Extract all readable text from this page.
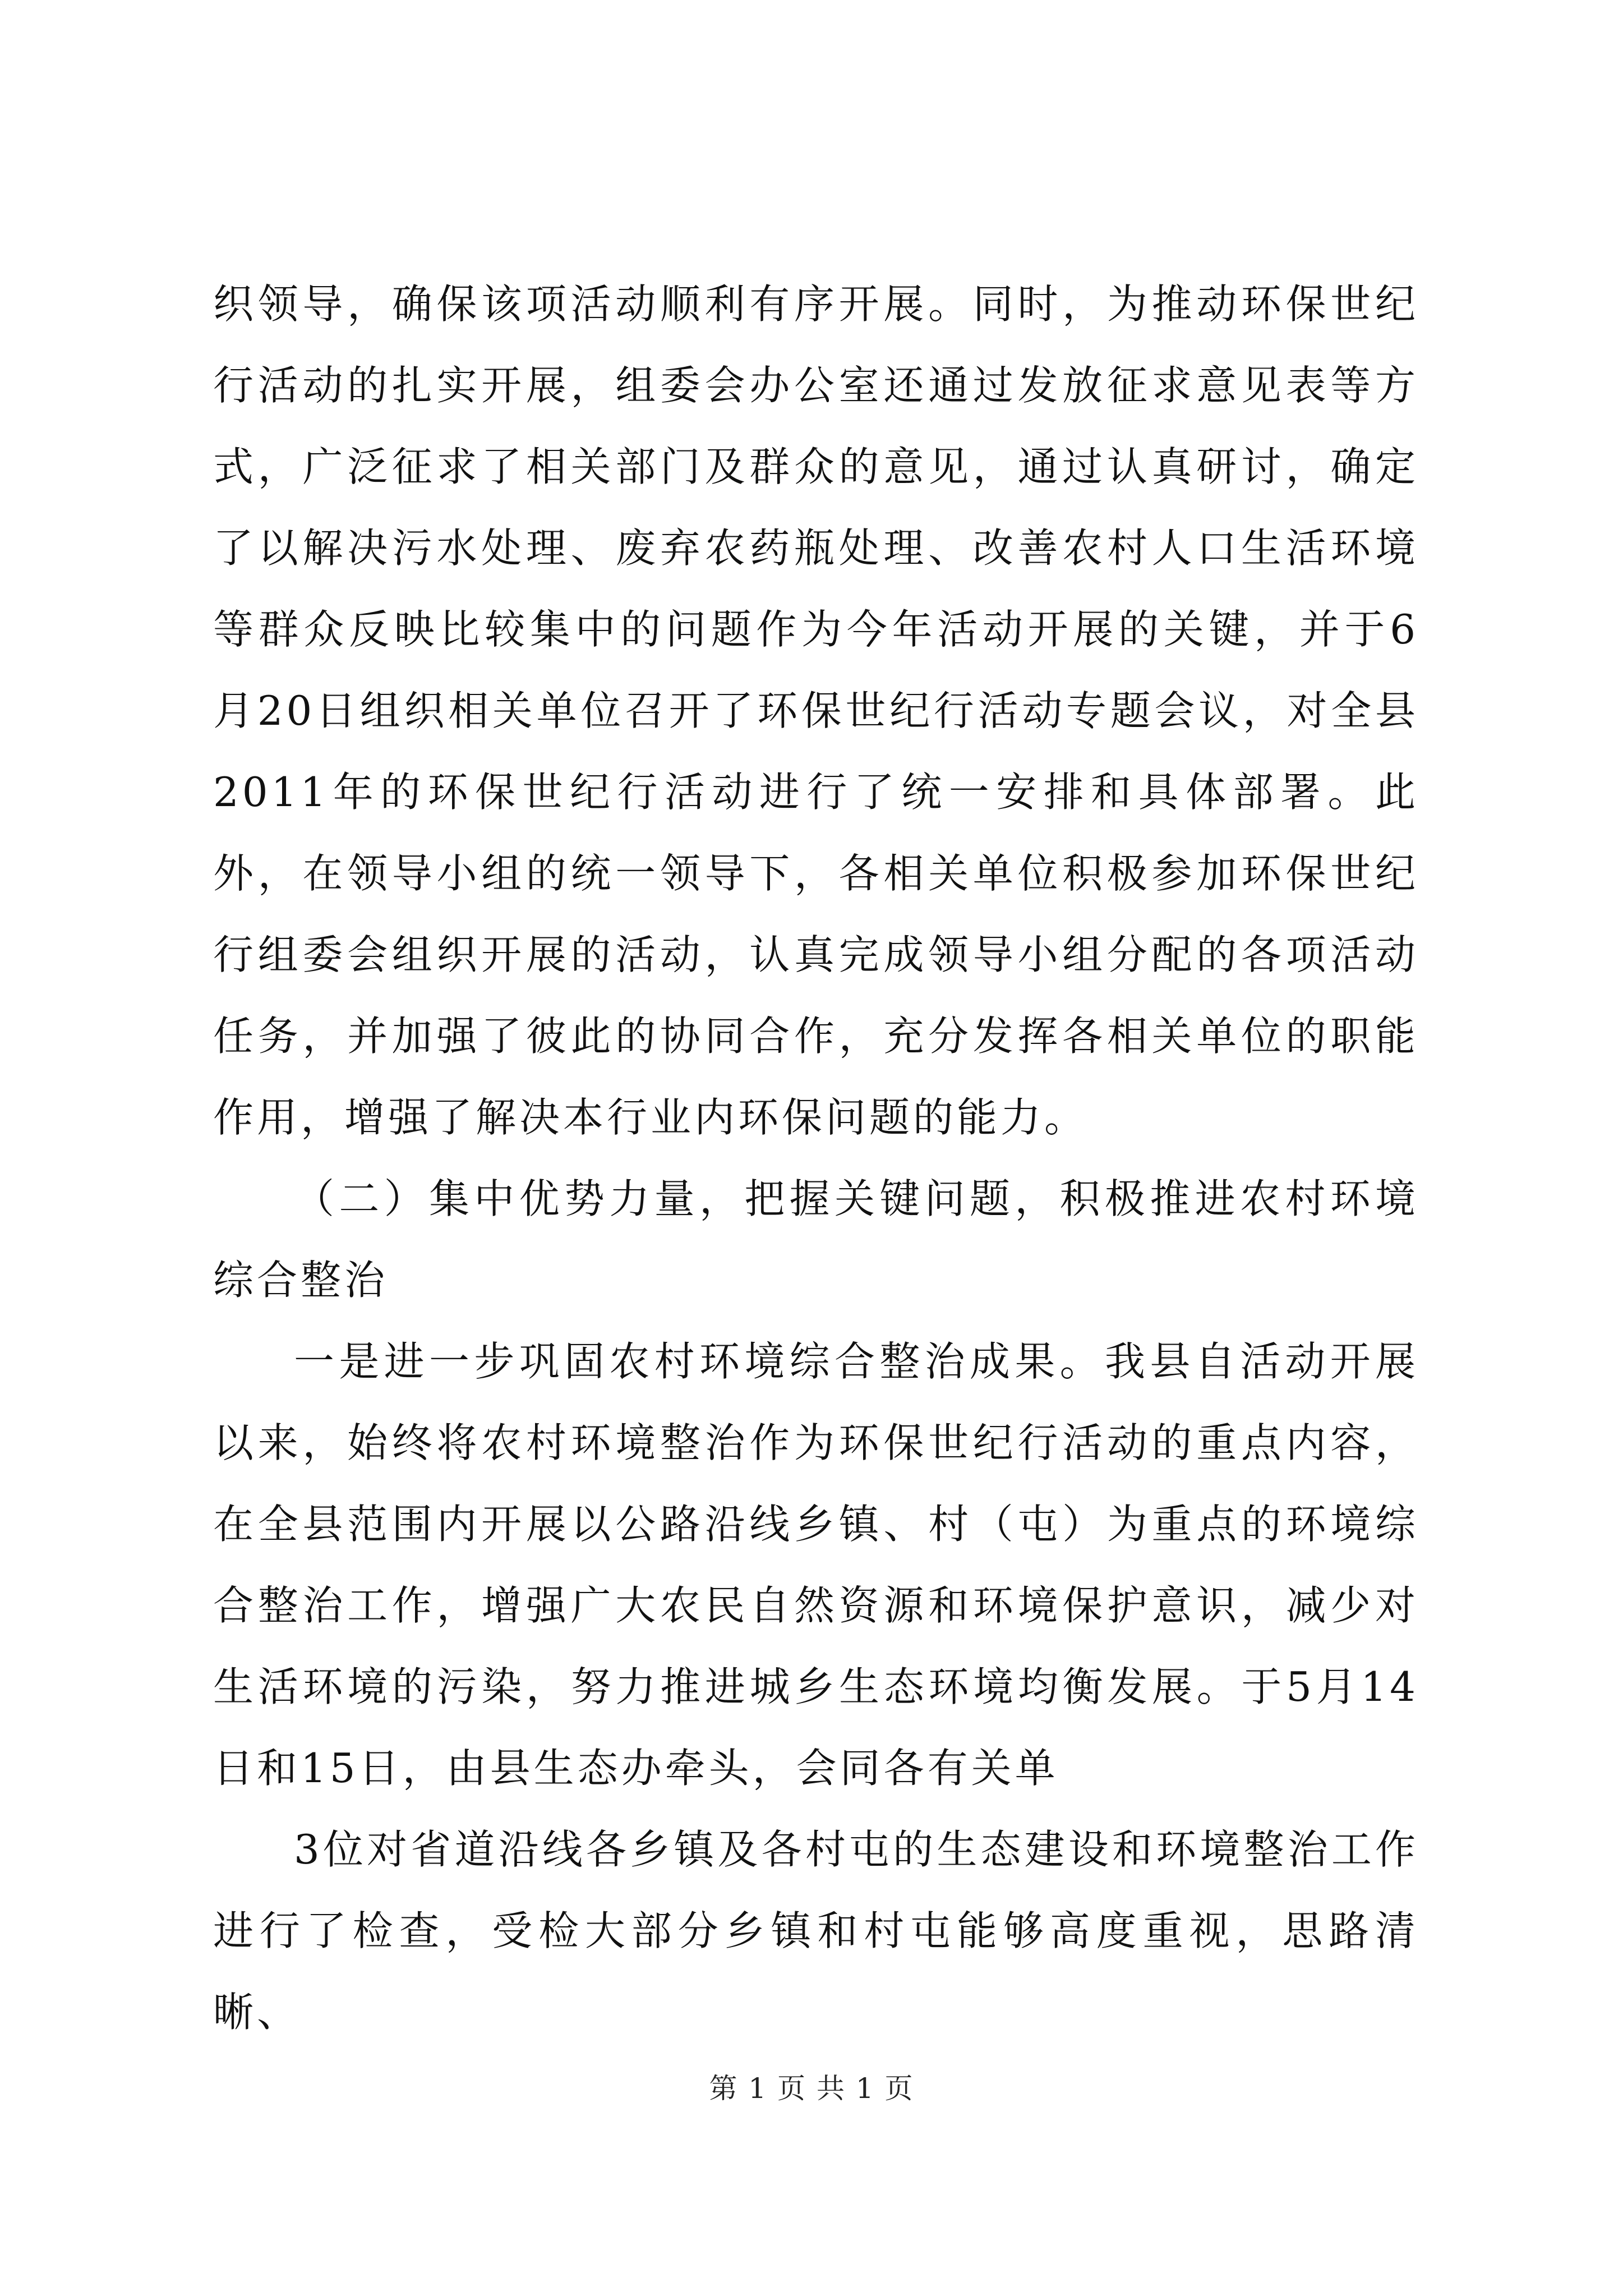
织领导，确保该项活动顺利有序开展。同时，为推动环保世纪行活动的扎实开展，组委会办公室还通过发放征求意见表等方式，广泛征求了相关部门及群众的意见，通过认真研讨，确定了以解决污水处理、废弃农药瓶处理、改善农村人口生活环境等群众反映比较集中的问题作为今年活动开展的关键，并于6月20日组织相关单位召开了环保世纪行活动专题会议，对全县2011年的环保世纪行活动进行了统一安排和具体部署。此外，在领导小组的统一领导下，各相关单位积极参加环保世纪行组委会组织开展的活动，认真完成领导小组分配的各项活动任务，并加强了彼此的协同合作，充分发挥各相关单位的职能作用，增强了解决本行业内环保问题的能力。

（二）集中优势力量，把握关键问题，积极推进农村环境综合整治

一是进一步巩固农村环境综合整治成果。我县自活动开展以来，始终将农村环境整治作为环保世纪行活动的重点内容，在全县范围内开展以公路沿线乡镇、村（屯）为重点的环境综合整治工作，增强广大农民自然资源和环境保护意识，减少对生活环境的污染，努力推进城乡生态环境均衡发展。于5月14日和15日，由县生态办牵头，会同各有关单

3位对省道沿线各乡镇及各村屯的生态建设和环境整治工作进行了检查，受检大部分乡镇和村屯能够高度重视，思路清晰、

第 1 页 共 1 页
